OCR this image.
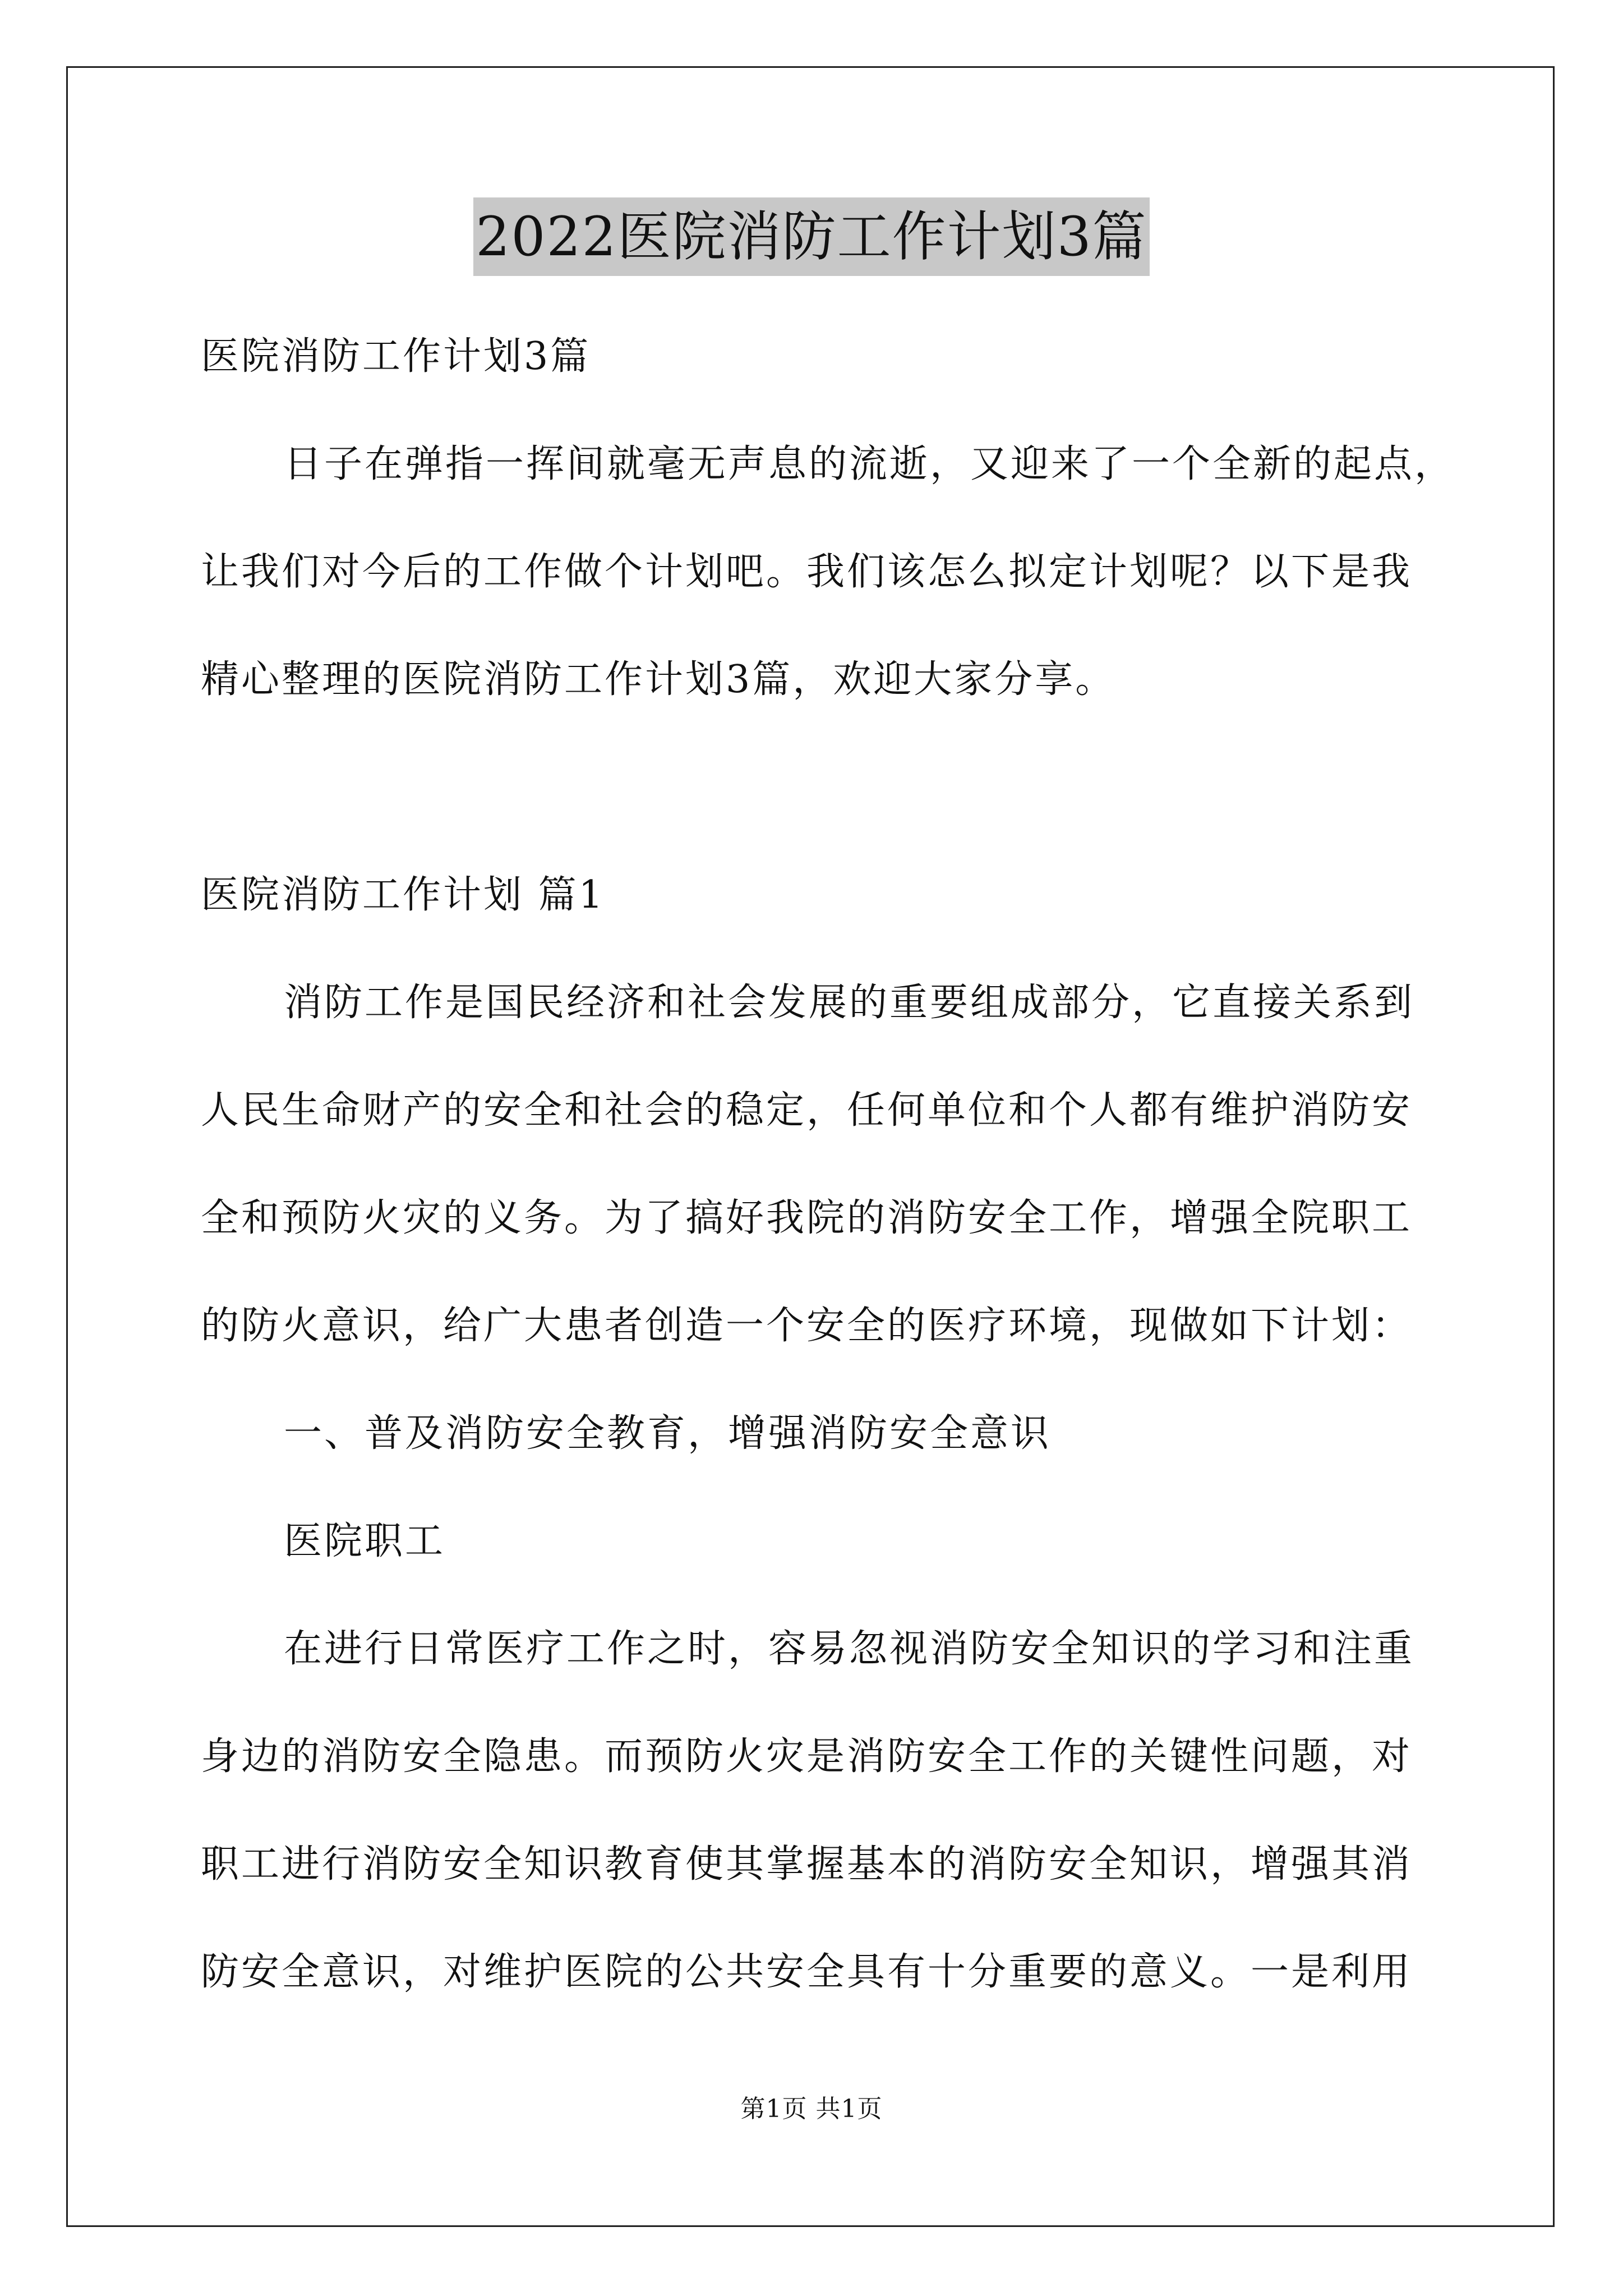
2022医院消防工作计划3篇
医院消防工作计划3篇
日子在弹指一挥间就毫无声息的流逝，又迎来了一个全新的起点，
让我们对今后的工作做个计划吧。我们该怎么拟定计划呢？以下是我
精心整理的医院消防工作计划3篇，欢迎大家分享。
医院消防工作计划 篇1
消防工作是国民经济和社会发展的重要组成部分，它直接关系到
人民生命财产的安全和社会的稳定，任何单位和个人都有维护消防安
全和预防火灾的义务。为了搞好我院的消防安全工作，增强全院职工
的防火意识，给广大患者创造一个安全的医疗环境，现做如下计划：
一、普及消防安全教育，增强消防安全意识
医院职工
在进行日常医疗工作之时，容易忽视消防安全知识的学习和注重
身边的消防安全隐患。而预防火灾是消防安全工作的关键性问题，对
职工进行消防安全知识教育使其掌握基本的消防安全知识，增强其消
防安全意识，对维护医院的公共安全具有十分重要的意义。一是利用
第1页 共1页
